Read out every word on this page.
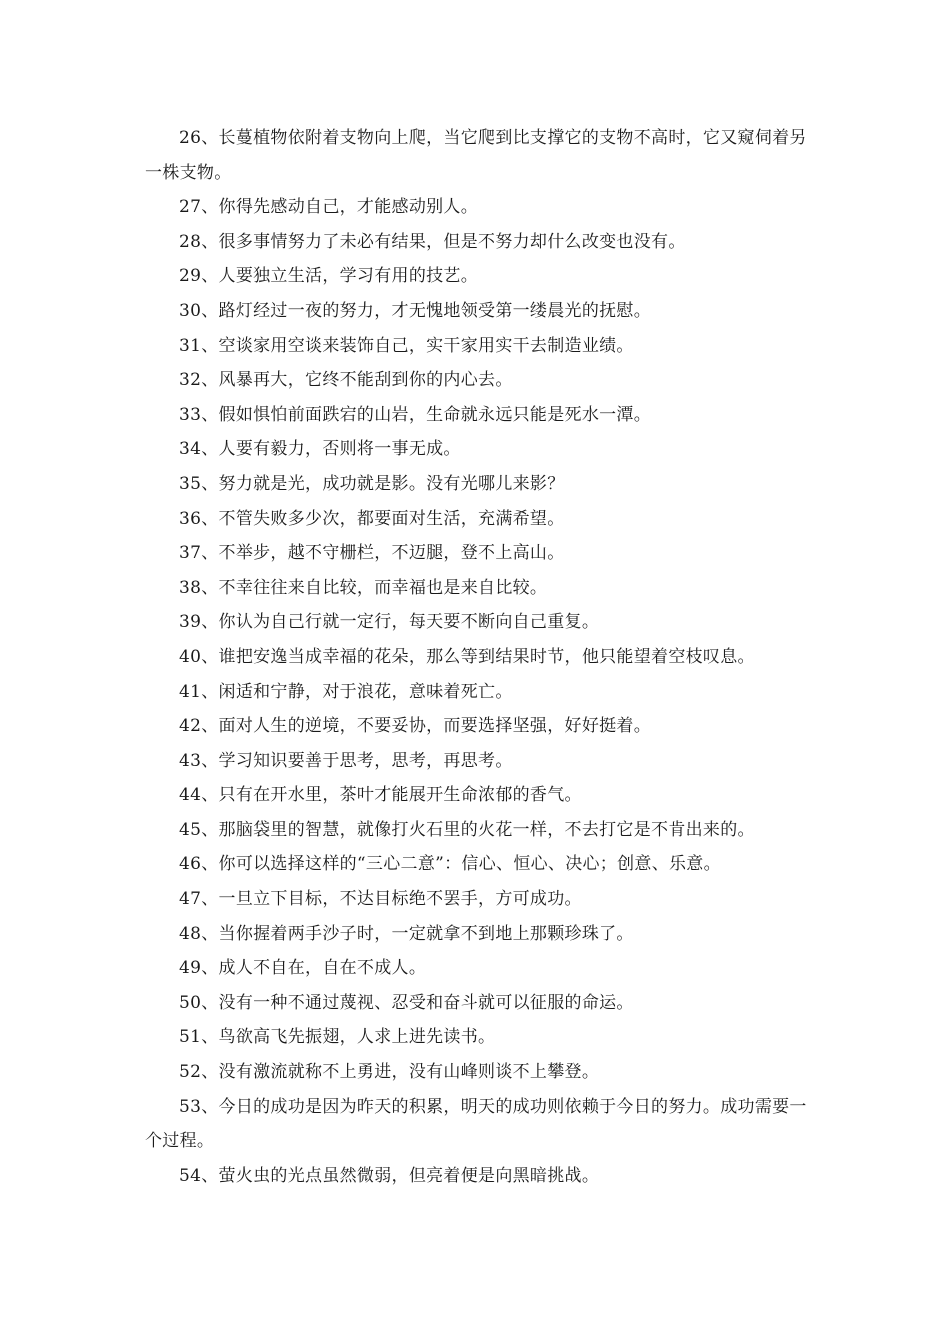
26、长蔓植物依附着支物向上爬，当它爬到比支撑它的支物不高时，它又窥伺着另一株支物。

27、你得先感动自己，才能感动别人。

28、很多事情努力了未必有结果，但是不努力却什么改变也没有。

29、人要独立生活，学习有用的技艺。

30、路灯经过一夜的努力，才无愧地领受第一缕晨光的抚慰。

31、空谈家用空谈来装饰自己，实干家用实干去制造业绩。

32、风暴再大，它终不能刮到你的内心去。

33、假如惧怕前面跌宕的山岩，生命就永远只能是死水一潭。

34、人要有毅力，否则将一事无成。

35、努力就是光，成功就是影。没有光哪儿来影？

36、不管失败多少次，都要面对生活，充满希望。

37、不举步，越不守栅栏，不迈腿，登不上高山。

38、不幸往往来自比较，而幸福也是来自比较。

39、你认为自己行就一定行，每天要不断向自己重复。

40、谁把安逸当成幸福的花朵，那么等到结果时节，他只能望着空枝叹息。

41、闲适和宁静，对于浪花，意味着死亡。

42、面对人生的逆境，不要妥协，而要选择坚强，好好挺着。

43、学习知识要善于思考，思考，再思考。

44、只有在开水里，茶叶才能展开生命浓郁的香气。

45、那脑袋里的智慧，就像打火石里的火花一样，不去打它是不肯出来的。

46、你可以选择这样的“三心二意”：信心、恒心、决心；创意、乐意。

47、一旦立下目标，不达目标绝不罢手，方可成功。

48、当你握着两手沙子时，一定就拿不到地上那颗珍珠了。

49、成人不自在，自在不成人。

50、没有一种不通过蔑视、忍受和奋斗就可以征服的命运。

51、鸟欲高飞先振翅，人求上进先读书。

52、没有激流就称不上勇进，没有山峰则谈不上攀登。

53、今日的成功是因为昨天的积累，明天的成功则依赖于今日的努力。成功需要一个过程。

54、萤火虫的光点虽然微弱，但亮着便是向黑暗挑战。
